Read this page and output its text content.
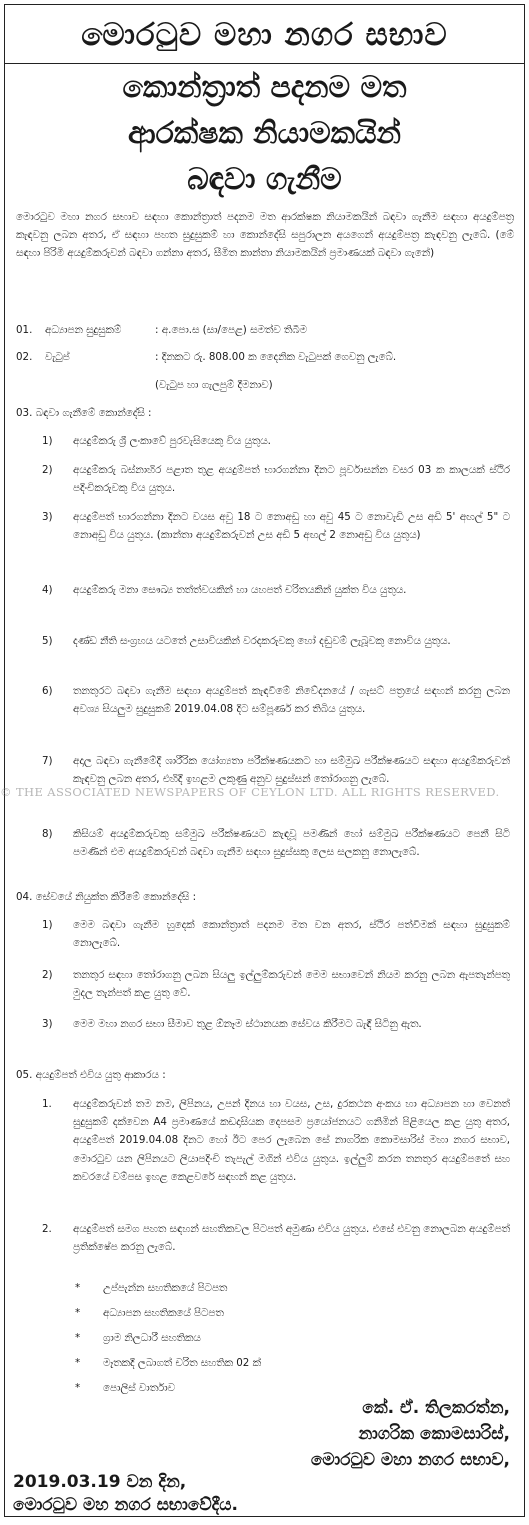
මොරටුව මහා නගර සභාව
කොන්ත්‍රාත් පදනම මත
ආරක්ෂක නියාමකයින්
බඳවා ගැනීම
මොරටුව මහා නගර සභාව සඳහා කොන්ත්‍රාත් පදනම මත ආරක්ෂක නියාමකයින් බඳවා ගැනීම සඳහා අයදුම්පත්‍ර කැඳවනු ලබන අතර, ඒ සඳහා පහත සුදුසුකම් හා කොන්දේසි සපුරාලන අයගෙන් අයදුම්පත්‍ර කැඳවනු ලැබේ. (මේ සඳහා පිරිමි අයදුම්කරුවන් බඳවා ගන්නා අතර, සීමිත කාන්තා නියාමකයින් ප්‍රමාණයක් බඳවා ගැනේ)
01. අධ්‍යාපන සුදුසුකම්	: අ.පො.ස (සා/පෙළ) සමත්ව තිබීම
02. වැටුප්	: දිනකට රු. 808.00 ක දෛනික වැටුපක් ගෙවනු ලැබේ.
(වැටුප හා ගැලපුම් දීමනාව)
03. බඳවා ගැනීමේ කොන්දේසි :
1) අයදුම්කරු ශ්‍රී ලංකාවේ පුරවැසියෙකු විය යුතුය.
2) අයදුම්කරු බස්නාහිර පළාත තුළ අයදුම්පත් භාරගන්නා දිනට පූර්වාසන්න වසර 03 ක කාලයක් ස්ථිර පදිංචිකරුවකු විය යුතුය.
3) අයදුම්පත් භාරගන්නා දිනට වයස අවු 18 ට නොඅඩු හා අවු 45 ට නොවැඩි උස අඩි 5' අඟල් 5" ට නොඅඩු විය යුතුය. (කාන්තා අයදුම්කරුවන් උස අඩි 5 අඟල් 2 නොඅඩු විය යුතුය)
4) අයදුම්කරු මනා සෞඛ්‍ය තත්ත්වයකින් හා යහපත් චරිතයකින් යුක්ත විය යුතුය.
5) දණ්ඩ නීති සංග්‍රහය යටතේ උසාවියකින් වරදකරුවකු හෝ දඬුවම් ලැබූවකු නොවිය යුතුය.
6) තනතුරට බඳවා ගැනීම සඳහා අයදුම්පත් කැඳවීමේ නිවේදනයේ / ගැසට් පත්‍රයේ සඳහන් කරනු ලබන අවශ්‍ය සියලුම සුදුසුකම් 2019.04.08 දිට සම්පූර්ණ කර තිබිය යුතුය.
7) අදාල බඳවා ගැනීමේදී ශාරීරික යෝග්‍යතා පරීක්ෂණයකට හා සම්මුඛ පරීක්ෂණයට සඳහා අයදුම්කරුවන් කැඳවනු ලබන අතර, එහිදී ඉහළම ලකුණු අනුව සුදුස්සන් තෝරාගනු ලැබේ.
8) කිසියම් අයදුම්කරුවකු සම්මුඛ පරීක්ෂණයට කැඳවූ පමණින් හෝ සම්මුඛ පරීක්ෂණයට පෙනී සිටි පමණින් එම අයදුම්කරුවන් බඳවා ගැනීම සඳහා සුදුස්සකු ලෙස සලකනු නොලැබේ.
04. සේවයේ නියුක්ත කිරීමේ කොන්දේසි :
1) මෙම බඳවා ගැනීම හුදෙක් කොන්ත්‍රාත් පදනම මත වන අතර, ස්ථිර පත්වීමක් සඳහා සුදුසුකම් නොලැබේ.
2) තනතුර සඳහා තෝරාගනු ලබන සියලු ඉල්ලුම්කරුවන් මෙම සභාවෙන් නියම කරනු ලබන ඇපතැන්පතු මුදල තැන්පත් කළ යුතු වේ.
3) මෙම මහා නගර සභා සීමාව තුළ ඕනෑම ස්ථානයක සේවය කිරීමට බැඳී සිටිනු ඇත.
05. අයදුම්පත් එවිය යුතු ආකාරය :
1. අයදුම්කරුවන් තම නම, ලිපිනය, උපන් දිනය හා වයස, උස, දුරකථන අංකය හා අධ්‍යාපන හා වෙනත් සුදුසුකම් දක්වෙන A4 ප්‍රමාණයේ කඩදාසියක දෙපසම ප්‍රයෝජනයට ගනිමින් පිළියෙල කළ යුතු අතර, අයදුම්පත් 2019.04.08 දිනට හෝ ඊට පෙර ලැබෙන සේ නාගරික කොමසාරිස් මහා නගර සභාව, මොරටුව යන ලිපිනයට ලියාපදිංචි තැපැල් මගින් එවිය යුතුය. ඉල්ලුම් කරන තනතුර අයදුම්පතේ සහ කවරයේ වම්පස ඉහළ කෙළවරේ සඳහන් කළ යුතුය.
2. අයදුම්පත් සමග පහත සඳහන් සහතිකවල පිටපත් අමුණා එවිය යුතුය. එසේ එවනු නොලබන අයදුම්පත් ප්‍රතික්ෂේප කරනු ලැබේ.
* උප්පැන්න සහතිකයේ පිටපත
* අධ්‍යාපන සහතිකයේ පිටපත
* ග්‍රාම නිලධාරී සහතිකය
* මෑතකදී ලබාගත් චරිත සහතික 02 ක්
* පොලිස් වාර්තාව
කේ. ඒ. තිලකරත්න,
නාගරික කොමසාරිස්,
මොරටුව මහා නගර සභාව,
2019.03.19 වන දින,
මොරටුව මහ නගර සභාවේදීය.
© THE ASSOCIATED NEWSPAPERS OF CEYLON LTD. ALL RIGHTS RESERVED.
